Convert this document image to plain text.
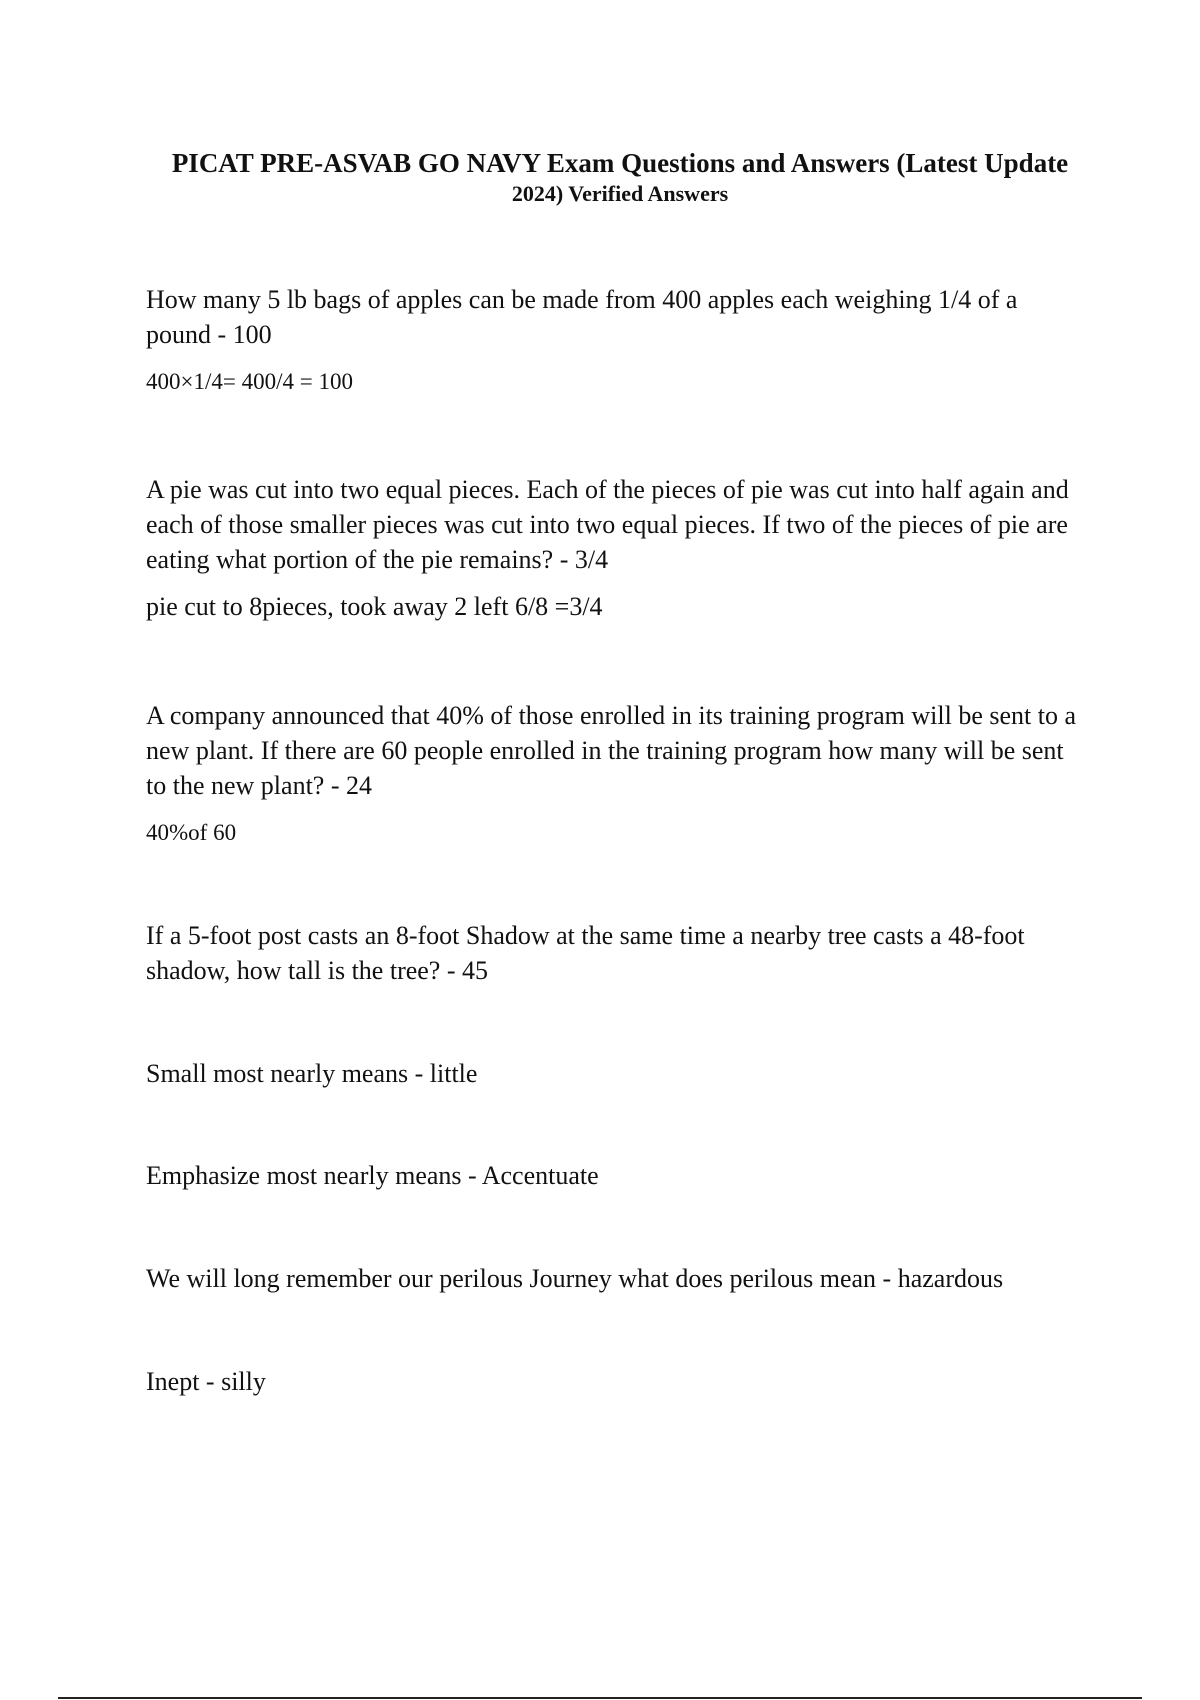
PICAT PRE-ASVAB GO NAVY Exam Questions and Answers (Latest Update
2024) Verified Answers

How many 5 lb bags of apples can be made from 400 apples each weighing 1/4 of a pound - 100

400×1/4= 400/4 = 100

A pie was cut into two equal pieces. Each of the pieces of pie was cut into half again and each of those smaller pieces was cut into two equal pieces. If two of the pieces of pie are eating what portion of the pie remains? - 3/4

pie cut to 8pieces, took away 2 left 6/8 =3/4

A company announced that 40% of those enrolled in its training program will be sent to a new plant. If there are 60 people enrolled in the training program how many will be sent to the new plant? - 24

40%of 60

If a 5-foot post casts an 8-foot Shadow at the same time a nearby tree casts a 48-foot shadow, how tall is the tree? - 45

Small most nearly means - little

Emphasize most nearly means - Accentuate

We will long remember our perilous Journey what does perilous mean - hazardous

Inept - silly
